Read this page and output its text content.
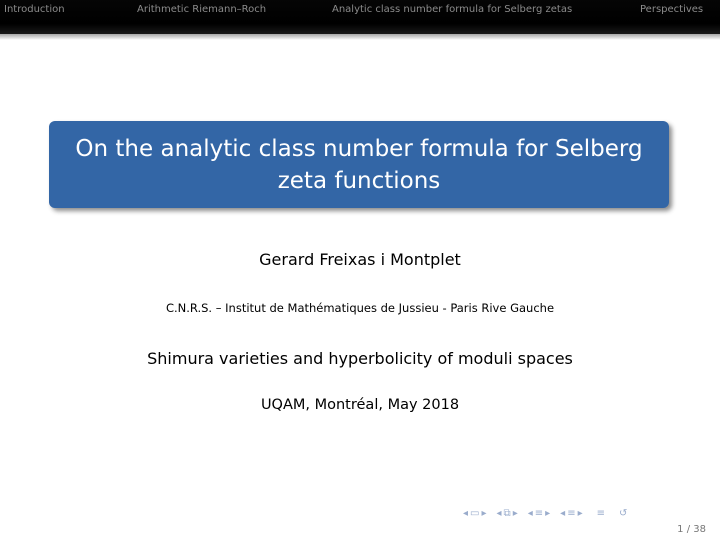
Introduction	Arithmetic Riemann–Roch	Analytic class number formula for Selberg zetas	Perspectives
On the analytic class number formula for Selberg zeta functions
Gerard Freixas i Montplet
C.N.R.S. – Institut de Mathématiques de Jussieu - Paris Rive Gauche
Shimura varieties and hyperbolicity of moduli spaces
UQAM, Montréal, May 2018
◂ ▭ ▸ ◂ ⧉ ▸ ◂ ≡ ▸ ◂ ≡ ▸ ≡ ↺
1 / 38
